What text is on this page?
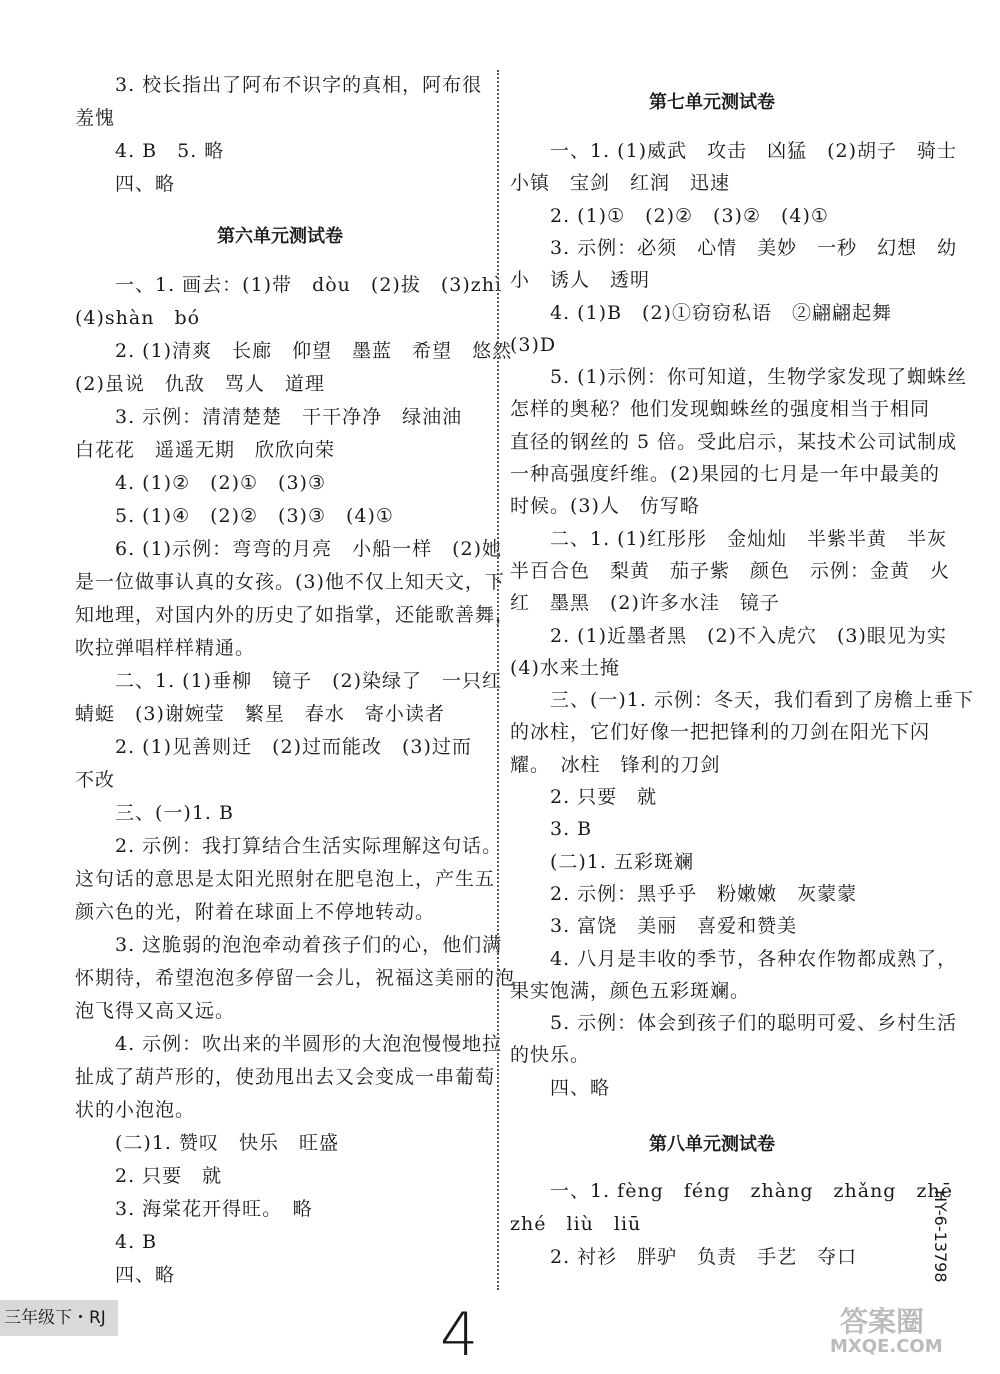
3. 校长指出了阿布不识字的真相，阿布很
羞愧
4. B　5. 略
四、略
一、1. 画去：(1)带　dòu　(2)拔　(3)zhì
(4)shàn　bó
2. (1)清爽　长廊　仰望　墨蓝　希望　悠然
(2)虽说　仇敌　骂人　道理
3. 示例：清清楚楚　干干净净　绿油油
白花花　遥遥无期　欣欣向荣
4. (1)②　(2)①　(3)③
5. (1)④　(2)②　(3)③　(4)①
6. (1)示例：弯弯的月亮　小船一样　(2)她
是一位做事认真的女孩。(3)他不仅上知天文，下
知地理，对国内外的历史了如指掌，还能歌善舞，
吹拉弹唱样样精通。
二、1. (1)垂柳　镜子　(2)染绿了　一只红
蜻蜓　(3)谢婉莹　繁星　春水　寄小读者
2. (1)见善则迁　(2)过而能改　(3)过而
不改
三、(一)1. B
2. 示例：我打算结合生活实际理解这句话。
这句话的意思是太阳光照射在肥皂泡上，产生五
颜六色的光，附着在球面上不停地转动。
3. 这脆弱的泡泡牵动着孩子们的心，他们满
怀期待，希望泡泡多停留一会儿，祝福这美丽的泡
泡飞得又高又远。
4. 示例：吹出来的半圆形的大泡泡慢慢地拉
扯成了葫芦形的，使劲甩出去又会变成一串葡萄
状的小泡泡。
(二)1. 赞叹　快乐　旺盛
2. 只要　就
3. 海棠花开得旺。　略
4. B
四、略
第六单元测试卷
第七单元测试卷
一、1. (1)威武　攻击　凶猛　(2)胡子　骑士
小镇　宝剑　红润　迅速
2. (1)①　(2)②　(3)②　(4)①
3. 示例：必须　心情　美妙　一秒　幻想　幼
小　诱人　透明
4. (1)B　(2)①窃窃私语　②翩翩起舞
(3)D
5. (1)示例：你可知道，生物学家发现了蜘蛛丝
怎样的奥秘？他们发现蜘蛛丝的强度相当于相同
直径的钢丝的 5 倍。受此启示，某技术公司试制成
一种高强度纤维。(2)果园的七月是一年中最美的
时候。(3)人　仿写略
二、1. (1)红彤彤　金灿灿　半紫半黄　半灰
半百合色　梨黄　茄子紫　颜色　示例：金黄　火
红　墨黑　(2)许多水洼　镜子
2. (1)近墨者黑　(2)不入虎穴　(3)眼见为实
(4)水来土掩
三、(一)1. 示例：冬天，我们看到了房檐上垂下
的冰柱，它们好像一把把锋利的刀剑在阳光下闪
耀。　冰柱　锋利的刀剑
2. 只要　就
3. B
(二)1. 五彩斑斓
2. 示例：黑乎乎　粉嫩嫩　灰蒙蒙
3. 富饶　美丽　喜爱和赞美
4. 八月是丰收的季节，各种农作物都成熟了，
果实饱满，颜色五彩斑斓。
5. 示例：体会到孩子们的聪明可爱、乡村生活
的快乐。
四、略
第八单元测试卷
一、1. fèng　féng　zhàng　zhǎng　zhē
zhé　liù　liū
2. 衬衫　胖驴　负责　手艺　夺口
三年级下・RJ	4
HY-6-13798
答案圈
MXQE.COM
